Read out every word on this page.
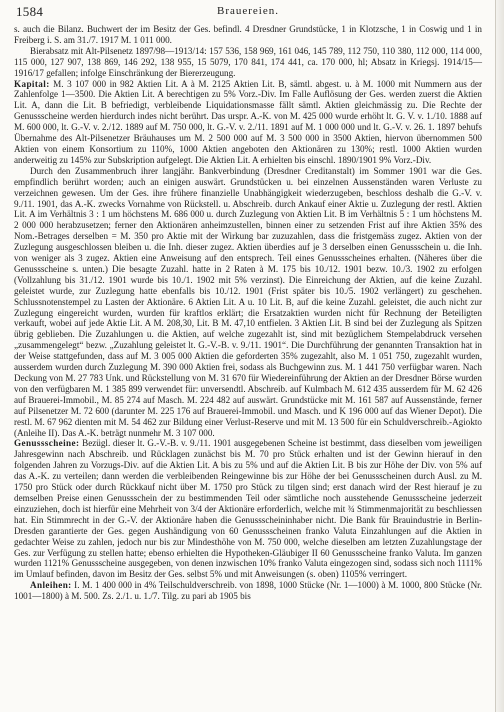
1584	Brauereien.

s. auch die Bilanz. Buchwert der im Besitz der Ges. befindl. 4 Dresdner Grundstücke, 1 in Klotzsche, 1 in Coswig und 1 in Freiberg i. S. am 31./7. 1917 M. 1 011 000.

Bierabsatz mit Alt-Pilsenetz 1897/98—1913/14: 157 536, 158 969, 161 046, 145 789, 112 750, 110 380, 112 000, 114 000, 115 000, 127 907, 138 869, 146 292, 138 955, 15 5079, 170 841, 174 441, ca. 170 000, hl; Absatz in Kriegsj. 1914/15—1916/17 gefallen; infolge Einschränkung der Biererzeugung.

Kapital: M. 3 107 000 in 982 Aktien Lit. A à M. 2125 Aktien Lit. B, sämtl. abgest. u. à M. 1000 mit Nummern aus der Zahlenfolge 1—3500. Die Aktien Lit. A berechtigen zu 5% Vorz.-Div. Im Falle Auflösung der Ges. werden zuerst die Aktien Lit. A, dann die Lit. B befriedigt, verbleibende Liquidationsmasse fällt sämtl. Aktien gleichmässig zu. Die Rechte der Genussscheine werden hierdurch indes nicht berührt. Das urspr. A.-K. von M. 425 000 wurde erhöht lt. G. V. v. 1./10. 1888 auf M. 600 000, lt. G.-V. v. 2./12. 1889 auf M. 750 000, lt. G.-V. v. 2./11. 1891 auf M. 1 000 000 und lt. G.-V. v. 26. 1. 1897 behufs Übernahme des Alt-Pilsenetzer Bräuhauses um M. 2 500 000 auf M. 3 500 000 in 3500 Aktien, hiervon übernommen 500 Aktien von einem Konsortium zu 110%, 1000 Aktien angeboten den Aktionären zu 130%; restl. 1000 Aktien wurden anderweitig zu 145% zur Subskription aufgelegt. Die Aktien Lit. A erhielten bis einschl. 1890/1901 9% Vorz.-Div.

Durch den Zusammenbruch ihrer langjähr. Bankverbindung (Dresdner Creditanstalt) im Sommer 1901 war die Ges. empfindlich berührt worden; auch an einigen auswärt. Grundstücken u. bei einzelnen Aussenständen waren Verluste zu verzeichnen gewesen. Um der Ges. ihre frühere finanzielle Unabhängigkeit wiederzugeben, beschloss deshalb die G.-V. v. 9./11. 1901, das A.-K. zwecks Vornahme von Rückstell. u. Abschreib. durch Ankauf einer Aktie u. Zuzlegung der restl. Aktien Lit. A im Verhältnis 3 : 1 um höchstens M. 686 000 u. durch Zuzlegung von Aktien Lit. B im Verhältnis 5 : 1 um höchstens M. 2 000 000 herabzusetzen; ferner den Aktionären anheimzustellen, binnen einer zu setzenden Frist auf ihre Aktien 35% des Nom.-Betrages derselben = M. 350 pro Aktie mit der Wirkung bar zuzuzahlen, dass die fristgemäss zugez. Aktien von der Zuzlegung ausgeschlossen bleiben u. die Inh. dieser zugez. Aktien überdies auf je 3 derselben einen Genussschein u. die Inh. von weniger als 3 zugez. Aktien eine Anweisung auf den entsprech. Teil eines Genussscheines erhalten. (Näheres über die Genussscheine s. unten.) Die besagte Zuzahl. hatte in 2 Raten à M. 175 bis 10./12. 1901 bezw. 10./3. 1902 zu erfolgen (Vollzahlung bis 31./12. 1901 wurde bis 10./1. 1902 mit 5% verzinst). Die Einreichung der Aktien, auf die keine Zuzahl. geleistet wurde, zur Zuzlegung hatte ebenfalls bis 10./12. 1901 (Frist später bis 10./5. 1902 verlängert) zu geschehen. Schlussnotenstempel zu Lasten der Aktionäre. 6 Aktien Lit. A u. 10 Lit. B, auf die keine Zuzahl. geleistet, die auch nicht zur Zuzlegung eingereicht wurden, wurden für kraftlos erklärt; die Ersatzaktien wurden nicht für Rechnung der Beteiligten verkauft, wobei auf jede Aktie Lit. A M. 208,30, Lit. B M. 47,10 entfielen. 3 Aktien Lit. B sind bei der Zuzlegung als Spitzen übrig geblieben. Die Zuzahlungen u. die Aktien, auf welche zugezahlt ist, sind mit bezüglichem Stempelabdruck versehen „zusammengelegt“ bezw. „Zuzahlung geleistet lt. G.-V.-B. v. 9./11. 1901“. Die Durchführung der genannten Transaktion hat in der Weise stattgefunden, dass auf M. 3 005 000 Aktien die geforderten 35% zugezahlt, also M. 1 051 750, zugezahlt wurden, ausserdem wurden durch Zuzlegung M. 390 000 Aktien frei, sodass als Buchgewinn zus. M. 1 441 750 verfügbar waren. Nach Deckung von M. 27 783 Unk. und Rückstellung von M. 31 670 für Wiedereinführung der Aktien an der Dresdner Börse wurden von den verfügbaren M. 1 385 899 verwendet für: unversendtl. Abschreib. auf Kulmbach M. 612 435 ausserdem für M. 62 426 auf Brauerei-Immobil., M. 85 274 auf Masch. M. 224 482 auf auswärt. Grundstücke mit M. 161 587 auf Aussenstände, ferner auf Pilsenetzer M. 72 600 (darunter M. 225 176 auf Brauerei-Immobil. und Masch. und K 196 000 auf das Wiener Depot). Die restl. M. 67 962 dienten mit M. 54 462 zur Bildung einer Verlust-Reserve und mit M. 13 500 für ein Schuldverschreib.-Agiokto (Anleihe II). Das A.-K. beträgt nunmehr M. 3 107 000.

Genussscheine: Bezügl. dieser lt. G.-V.-B. v. 9./11. 1901 ausgegebenen Scheine ist bestimmt, dass dieselben vom jeweiligen Jahresgewinn nach Abschreib. und Rücklagen zunächst bis M. 70 pro Stück erhalten und ist der Gewinn hierauf in den folgenden Jahren zu Vorzugs-Div. auf die Aktien Lit. A bis zu 5% und auf die Aktien Lit. B bis zur Höhe der Div. von 5% auf das A.-K. zu verteilen; dann werden die verbleibenden Reingewinne bis zur Höhe der bei Genussscheinen durch Ausl. zu M. 1750 pro Stück oder durch Rückkauf nicht über M. 1750 pro Stück zu tilgen sind; erst danach wird der Rest hierauf je zu demselben Preise einen Genussschein der zu bestimmenden Teil oder sämtliche noch ausstehende Genussscheine jederzeit einzuziehen, doch ist hierfür eine Mehrheit von 3/4 der Aktionäre erforderlich, welche mit ¾ Stimmenmajorität zu beschliessen hat. Ein Stimmrecht in der G.-V. der Aktionäre haben die Genussscheininhaber nicht. Die Bank für Brauindustrie in Berlin-Dresden garantierte der Ges. gegen Aushändigung von 60 Genussscheinen franko Valuta Einzahlungen auf die Aktien in gedachter Weise zu zahlen, jedoch nur bis zur Mindesthöhe von M. 750 000, welche dieselben am letzten Zuzahlungstage der Ges. zur Verfügung zu stellen hatte; ebenso erhielten die Hypotheken-Gläubiger II 60 Genussscheine franko Valuta. Im ganzen wurden 1121% Genussscheine ausgegeben, von denen inzwischen 10% franko Valuta eingezogen sind, sodass sich noch 1111% im Umlauf befinden, davon im Besitz der Ges. selbst 5% und mit Anweisungen (s. oben) 1105% verringert.

Anleihen: I. M. 1 400 000 in 4% Teilschuldverschreib. von 1898, 1000 Stücke (Nr. 1—1000) à M. 1000, 800 Stücke (Nr. 1001—1800) à M. 500. Zs. 2./1. u. 1./7. Tilg. zu pari ab 1905 bis
